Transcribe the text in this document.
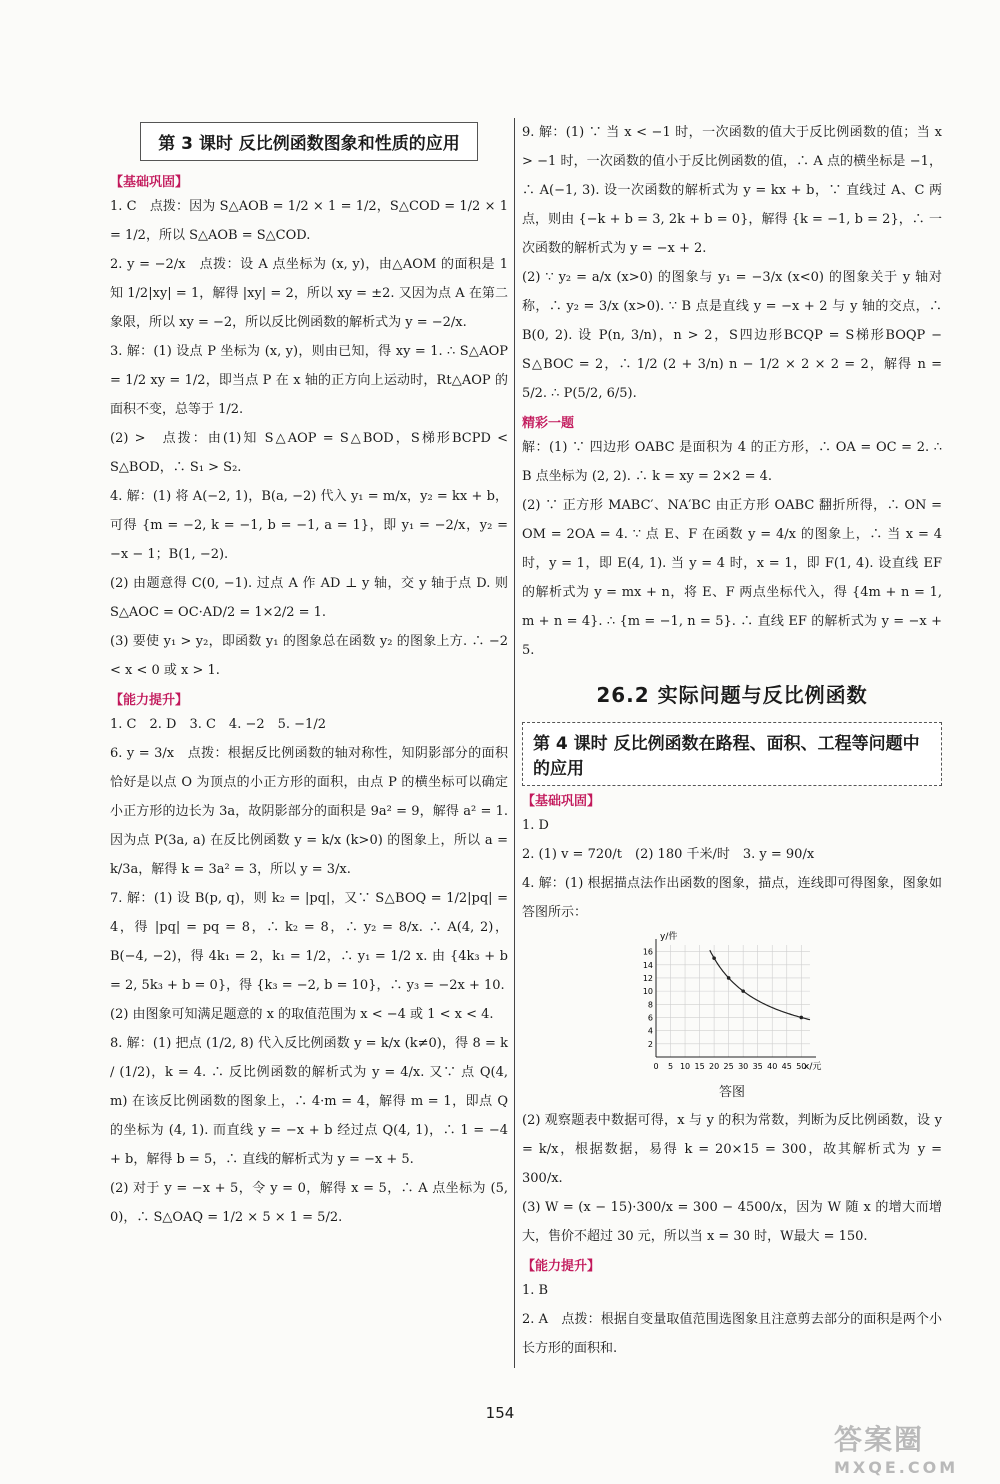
第 3 课时 反比例函数图象和性质的应用
【基础巩固】

1. C　点拨：因为 S△AOB = 1/2 × 1 = 1/2，S△COD = 1/2 × 1 = 1/2，所以 S△AOB = S△COD.

2. y = −2/x　点拨：设 A 点坐标为 (x, y)，由△AOM 的面积是 1 知 1/2|xy| = 1，解得 |xy| = 2，所以 xy = ±2. 又因为点 A 在第二象限，所以 xy = −2，所以反比例函数的解析式为 y = −2/x.

3. 解：(1) 设点 P 坐标为 (x, y)，则由已知，得 xy = 1. ∴ S△AOP = 1/2 xy = 1/2，即当点 P 在 x 轴的正方向上运动时，Rt△AOP 的面积不变，总等于 1/2.

(2) >　点拨：由(1)知 S△AOP = S△BOD，S梯形BCPD < S△BOD，∴ S₁ > S₂.

4. 解：(1) 将 A(−2, 1)，B(a, −2) 代入 y₁ = m/x，y₂ = kx + b，可得 {m = −2, k = −1, b = −1, a = 1}，即 y₁ = −2/x，y₂ = −x − 1；B(1, −2).

(2) 由题意得 C(0, −1). 过点 A 作 AD ⊥ y 轴，交 y 轴于点 D. 则 S△AOC = OC·AD/2 = 1×2/2 = 1.

(3) 要使 y₁ > y₂，即函数 y₁ 的图象总在函数 y₂ 的图象上方. ∴ −2 < x < 0 或 x > 1.

【能力提升】

1. C　2. D　3. C　4. −2　5. −1/2

6. y = 3/x　点拨：根据反比例函数的轴对称性，知阴影部分的面积恰好是以点 O 为顶点的小正方形的面积，由点 P 的横坐标可以确定小正方形的边长为 3a，故阴影部分的面积是 9a² = 9，解得 a² = 1. 因为点 P(3a, a) 在反比例函数 y = k/x (k>0) 的图象上，所以 a = k/3a，解得 k = 3a² = 3，所以 y = 3/x.

7. 解：(1) 设 B(p, q)，则 k₂ = |pq|，又∵ S△BOQ = 1/2|pq| = 4，得 |pq| = pq = 8，∴ k₂ = 8，∴ y₂ = 8/x. ∴ A(4, 2)，B(−4, −2)，得 4k₁ = 2，k₁ = 1/2，∴ y₁ = 1/2 x. 由 {4k₃ + b = 2, 5k₃ + b = 0}，得 {k₃ = −2, b = 10}，∴ y₃ = −2x + 10.

(2) 由图象可知满足题意的 x 的取值范围为 x < −4 或 1 < x < 4.

8. 解：(1) 把点 (1/2, 8) 代入反比例函数 y = k/x (k≠0)，得 8 = k / (1/2)，k = 4. ∴ 反比例函数的解析式为 y = 4/x. 又∵ 点 Q(4, m) 在该反比例函数的图象上，∴ 4·m = 4，解得 m = 1，即点 Q 的坐标为 (4, 1). 而直线 y = −x + b 经过点 Q(4, 1)，∴ 1 = −4 + b，解得 b = 5，∴ 直线的解析式为 y = −x + 5.

(2) 对于 y = −x + 5，令 y = 0，解得 x = 5，∴ A 点坐标为 (5, 0)，∴ S△OAQ = 1/2 × 5 × 1 = 5/2.

9. 解：(1) ∵ 当 x < −1 时，一次函数的值大于反比例函数的值；当 x > −1 时，一次函数的值小于反比例函数的值，∴ A 点的横坐标是 −1，∴ A(−1, 3). 设一次函数的解析式为 y = kx + b，∵ 直线过 A、C 两点，则由 {−k + b = 3, 2k + b = 0}，解得 {k = −1, b = 2}，∴ 一次函数的解析式为 y = −x + 2.

(2) ∵ y₂ = a/x (x>0) 的图象与 y₁ = −3/x (x<0) 的图象关于 y 轴对称，∴ y₂ = 3/x (x>0). ∵ B 点是直线 y = −x + 2 与 y 轴的交点，∴ B(0, 2). 设 P(n, 3/n)，n > 2，S四边形BCQP = S梯形BOQP − S△BOC = 2，∴ 1/2 (2 + 3/n) n − 1/2 × 2 × 2 = 2，解得 n = 5/2. ∴ P(5/2, 6/5).

精彩一题

解：(1) ∵ 四边形 OABC 是面积为 4 的正方形，∴ OA = OC = 2. ∴ B 点坐标为 (2, 2). ∴ k = xy = 2×2 = 4.

(2) ∵ 正方形 MABC′、NA′BC 由正方形 OABC 翻折所得，∴ ON = OM = 2OA = 4. ∵ 点 E、F 在函数 y = 4/x 的图象上，∴ 当 x = 4 时，y = 1，即 E(4, 1). 当 y = 4 时，x = 1，即 F(1, 4). 设直线 EF 的解析式为 y = mx + n，将 E、F 两点坐标代入，得 {4m + n = 1, m + n = 4}. ∴ {m = −1, n = 5}. ∴ 直线 EF 的解析式为 y = −x + 5.

26.2 实际问题与反比例函数
第 4 课时 反比例函数在路程、面积、工程等问题中的应用
【基础巩固】

1. D

2. (1) v = 720/t　(2) 180 千米/时　3. y = 90/x

4. 解：(1) 根据描点法作出函数的图象，描点，连线即可得图象，图象如答图所示：

0 5 10 15 20 25 30 35 40 45 50
2
4
6
8
10
12
14
16
y/件
x/元
答图

(2) 观察题表中数据可得，x 与 y 的积为常数，判断为反比例函数，设 y = k/x，根据数据，易得 k = 20×15 = 300，故其解析式为 y = 300/x.

(3) W = (x − 15)·300/x = 300 − 4500/x，因为 W 随 x 的增大而增大，售价不超过 30 元，所以当 x = 30 时，W最大 = 150.

【能力提升】

1. B

2. A　点拨：根据自变量取值范围选图象且注意剪去部分的面积是两个小长方形的面积和.

154
答案圈
MXQE.COM
